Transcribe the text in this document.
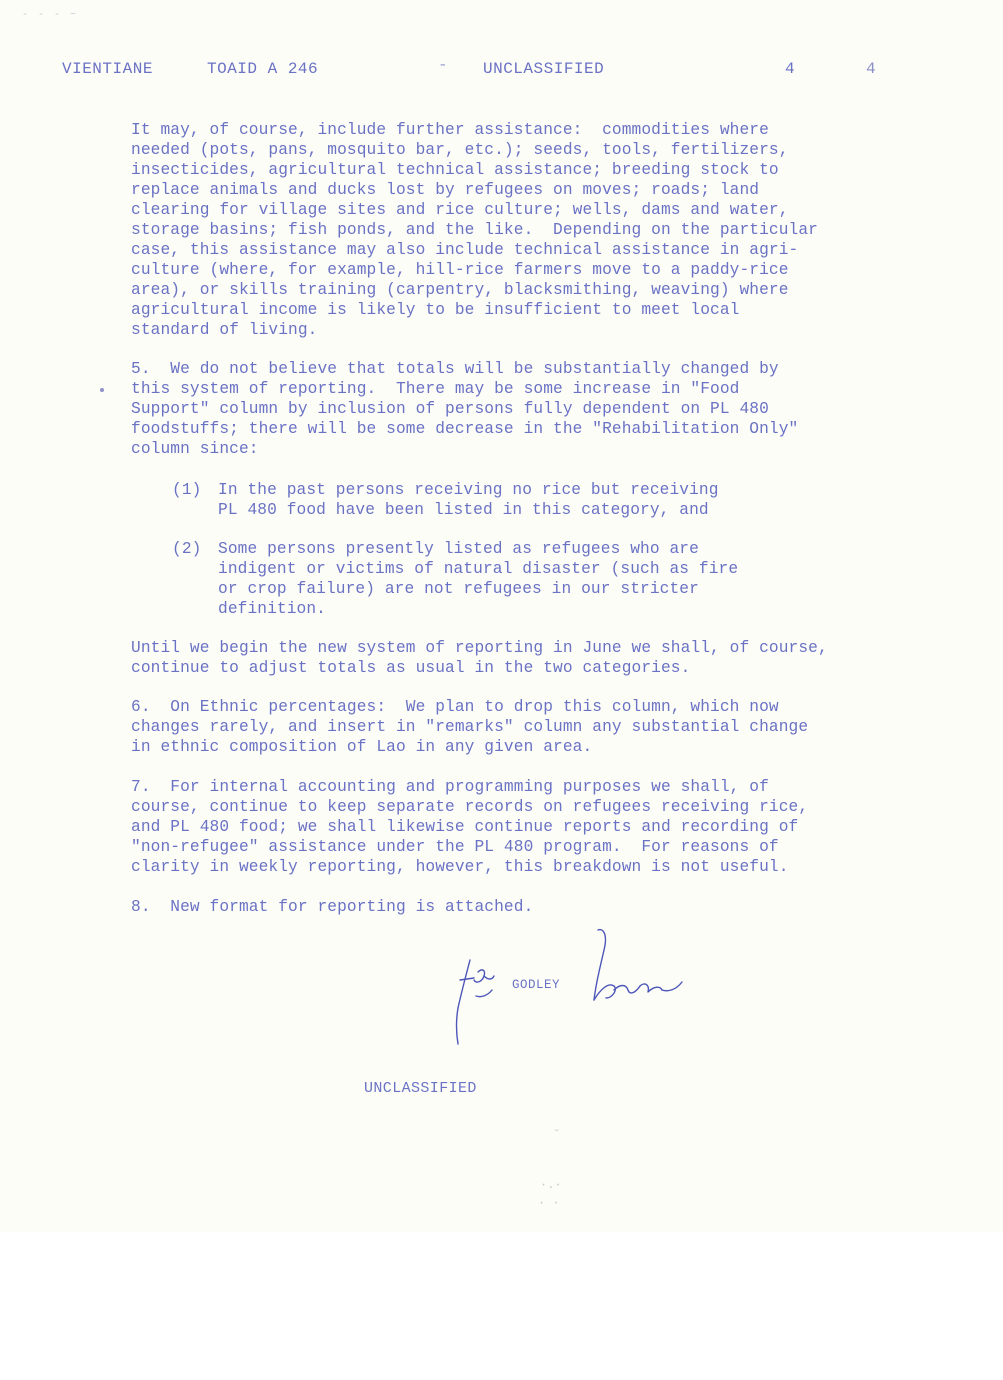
- - - ~
VIENTIANE	TOAID A 246	- UNCLASSIFIED	4	4
It may, of course, include further assistance:  commodities where
needed (pots, pans, mosquito bar, etc.); seeds, tools, fertilizers,
insecticides, agricultural technical assistance; breeding stock to
replace animals and ducks lost by refugees on moves; roads; land
clearing for village sites and rice culture; wells, dams and water,
storage basins; fish ponds, and the like.  Depending on the particular
case, this assistance may also include technical assistance in agri-
culture (where, for example, hill-rice farmers move to a paddy-rice
area), or skills training (carpentry, blacksmithing, weaving) where
agricultural income is likely to be insufficient to meet local
standard of living.
5.  We do not believe that totals will be substantially changed by
this system of reporting.  There may be some increase in "Food
Support" column by inclusion of persons fully dependent on PL 480
foodstuffs; there will be some decrease in the "Rehabilitation Only"
column since:
(1)	In the past persons receiving no rice but receiving
PL 480 food have been listed in this category, and
(2)	Some persons presently listed as refugees who are
indigent or victims of natural disaster (such as fire
or crop failure) are not refugees in our stricter
definition.
Until we begin the new system of reporting in June we shall, of course,
continue to adjust totals as usual in the two categories.
6.  On Ethnic percentages:  We plan to drop this column, which now
changes rarely, and insert in "remarks" column any substantial change
in ethnic composition of Lao in any given area.
7.  For internal accounting and programming purposes we shall, of
course, continue to keep separate records on refugees receiving rice,
and PL 480 food; we shall likewise continue reports and recording of
"non-refugee" assistance under the PL 480 program.  For reasons of
clarity in weekly reporting, however, this breakdown is not useful.
8.  New format for reporting is attached.
GODLEY
UNCLASSIFIED
ˇ
·.·
· ·
